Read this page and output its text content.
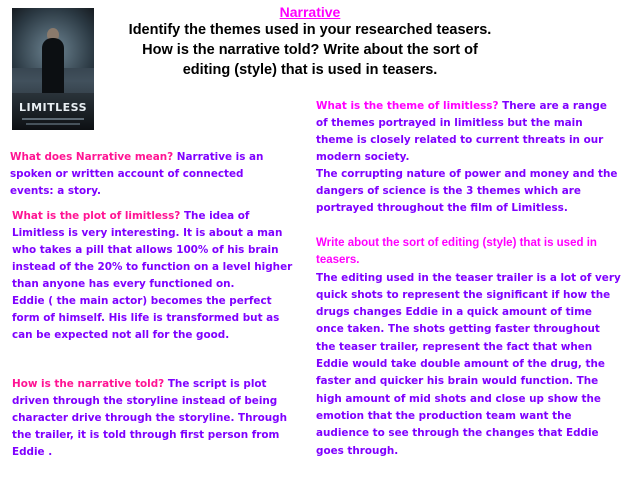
Narrative
Identify the themes used in your researched teasers. How is the narrative told? Write about the sort of editing (style) that is used in teasers.
LIMITLESS
What does Narrative mean? Narrative is an spoken or written account of connected events: a story.

What is the plot of limitless? The idea of Limitless is very interesting. It is about a man who takes a pill that allows 100% of his brain instead of the 20% to function on a level higher than anyone has every functioned on.

Eddie ( the main actor) becomes the perfect form of himself. His life is transformed but as can be expected not all for the good.

How is the narrative told? The script is plot driven through the storyline instead of being character drive through the storyline. Through the trailer, it is told through first person from Eddie .

What is the theme of limitless? There are a range of themes portrayed in limitless but the main theme is closely related to current threats in our modern society.

The corrupting nature of power and money and the dangers of science is the 3 themes which are portrayed throughout the film of Limitless.

Write about the sort of editing (style) that is used in teasers.

The editing used in the teaser trailer is a lot of very quick shots to represent the significant if how the drugs changes Eddie in a quick amount of time once taken. The shots getting faster throughout the teaser trailer, represent the fact that when Eddie would take double amount of the drug, the faster and quicker his brain would function. The high amount of mid shots and close up show the emotion that the production team want the audience to see through the changes that Eddie goes through.
